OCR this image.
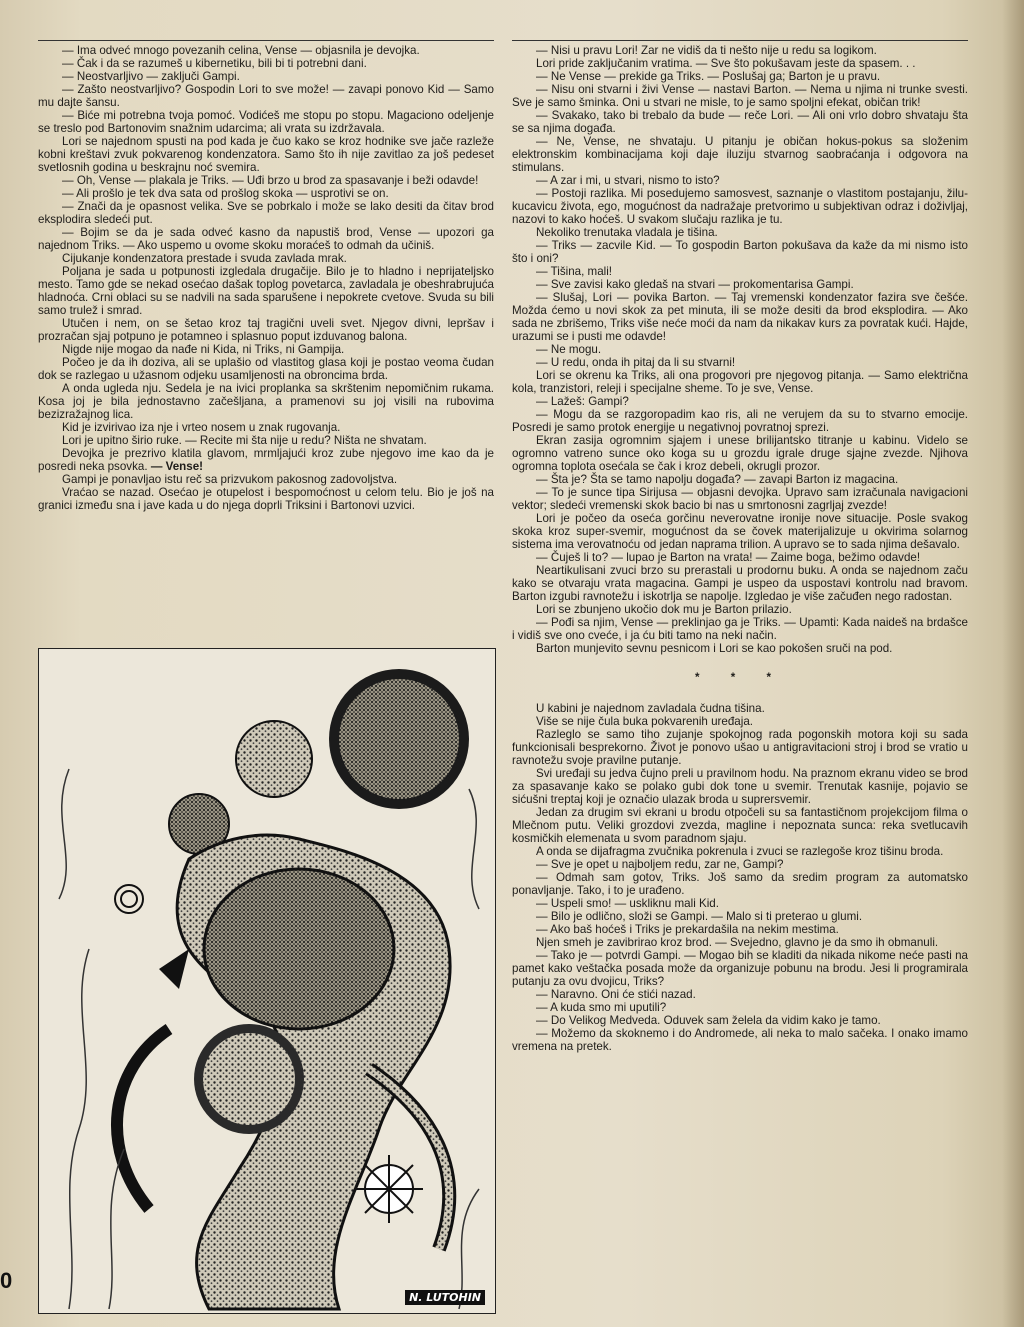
— Ima odveć mnogo povezanih celina, Vense — objasnila je devojka.

— Čak i da se razumeš u kibernetiku, bili bi ti potrebni dani.

— Neostvarljivo — zaključi Gampi.

— Zašto neostvarljivo? Gospodin Lori to sve može! — zavapi ponovo Kid — Samo mu dajte šansu.

— Biće mi potrebna tvoja pomoć. Vodićeš me stopu po stopu. Magaciono odeljenje se treslo pod Bartonovim snažnim udarcima; ali vrata su izdržavala.

Lori se najednom spusti na pod kada je čuo kako se kroz hodnike sve jače razleže kobni kreštavi zvuk pokvarenog kondenzatora. Samo što ih nije zavitlao za još pedeset svetlosnih godina u beskrajnu noć svemira.

— Oh, Vense — plakala je Triks. — Uđi brzo u brod za spasavanje i beži odavde!

— Ali prošlo je tek dva sata od prošlog skoka — usprotivi se on.

— Znači da je opasnost velika. Sve se pobrkalo i može se lako desiti da čitav brod eksplodira sledeći put.

— Bojim se da je sada odveć kasno da napustiš brod, Vense — upozori ga najednom Triks. — Ako uspemo u ovome skoku moraćeš to odmah da učiniš.

Cijukanje kondenzatora prestade i svuda zavlada mrak.

Poljana je sada u potpunosti izgledala drugačije. Bilo je to hladno i neprijateljsko mesto. Tamo gde se nekad osećao dašak toplog povetarca, zavladala je obeshrabrujuća hladnoća. Crni oblaci su se nadvili na sada sparušene i nepokrete cvetove. Svuda su bili samo trulež i smrad.

Utučen i nem, on se šetao kroz taj tragični uveli svet. Njegov divni, lepršav i prozračan sjaj potpuno je potamneo i splasnuo poput izduvanog balona.

Nigde nije mogao da nađe ni Kida, ni Triks, ni Gampija.

Počeo je da ih doziva, ali se uplašio od vlastitog glasa koji je postao veoma čudan dok se razlegao u užasnom odjeku usamljenosti na obroncima brda.

A onda ugleda nju. Sedela je na ivici proplanka sa skrštenim nepomičnim rukama. Kosa joj je bila jednostavno začešljana, a pramenovi su joj visili na rubovima bezizražajnog lica.

Kid je izvirivao iza nje i vrteo nosem u znak rugovanja.

Lori je upitno širio ruke. — Recite mi šta nije u redu? Ništa ne shvatam.

Devojka je prezrivo klatila glavom, mrmljajući kroz zube njegovo ime kao da je posredi neka psovka. — Vense!

Gampi je ponavljao istu reč sa prizvukom pakosnog zadovoljstva.

Vraćao se nazad. Osećao je otupelost i bespomoćnost u celom telu. Bio je još na granici između sna i jave kada u do njega doprli Triksini i Bartonovi uzvici.

— Nisi u pravu Lori! Zar ne vidiš da ti nešto nije u redu sa logikom.

Lori pride zaključanim vratima. — Sve što pokušavam jeste da spasem. . .

— Ne Vense — prekide ga Triks. — Poslušaj ga; Barton je u pravu.

— Nisu oni stvarni i živi Vense — nastavi Barton. — Nema u njima ni trunke svesti. Sve je samo šminka. Oni u stvari ne misle, to je samo spoljni efekat, običan trik!

— Svakako, tako bi trebalo da bude — reče Lori. — Ali oni vrlo dobro shvataju šta se sa njima događa.

— Ne, Vense, ne shvataju. U pitanju je običan hokus-pokus sa složenim elektronskim kombinacijama koji daje iluziju stvarnog saobraćanja i odgovora na stimulans.

— A zar i mi, u stvari, nismo to isto?

— Postoji razlika. Mi posedujemo samosvest, saznanje o vlastitom postajanju, žilu-kucavicu života, ego, mogućnost da nadražaje pretvorimo u subjektivan odraz i doživljaj, nazovi to kako hoćeš. U svakom slučaju razlika je tu.

Nekoliko trenutaka vladala je tišina.

— Triks — zacvile Kid. — To gospodin Barton pokušava da kaže da mi nismo isto što i oni?

— Tišina, mali!

— Sve zavisi kako gledaš na stvari — prokomentarisa Gampi.

— Slušaj, Lori — povika Barton. — Taj vremenski kondenzator fazira sve češće. Možda ćemo u novi skok za pet minuta, ili se može desiti da brod eksplodira. — Ako sada ne zbrišemo, Triks više neće moći da nam da nikakav kurs za povratak kući. Hajde, urazumi se i pusti me odavde!

— Ne mogu.

— U redu, onda ih pitaj da li su stvarni!

Lori se okrenu ka Triks, ali ona progovori pre njegovog pitanja. — Samo električna kola, tranzistori, releji i specijalne sheme. To je sve, Vense.

— Lažeš: Gampi?

— Mogu da se razgoropadim kao ris, ali ne verujem da su to stvarno emocije. Posredi je samo protok energije u negativnoj povratnoj sprezi.

Ekran zasija ogromnim sjajem i unese brilijantsko titranje u kabinu. Videlo se ogromno vatreno sunce oko koga su u grozdu igrale druge sjajne zvezde. Njihova ogromna toplota osećala se čak i kroz debeli, okrugli prozor.

— Šta je? Šta se tamo napolju događa? — zavapi Barton iz magacina.

— To je sunce tipa Sirijusa — objasni devojka. Upravo sam izračunala navigacioni vektor; sledeći vremenski skok bacio bi nas u smrtonosni zagrljaj zvezde!

Lori je počeo da oseća gorčinu neverovatne ironije nove situacije. Posle svakog skoka kroz super-svemir, mogućnost da se čovek materijalizuje u okvirima solarnog sistema ima verovatnoću od jedan naprama trilion. A upravo se to sada njima dešavalo.

— Čuješ li to? — lupao je Barton na vrata! — Zaime boga, bežimo odavde!

Neartikulisani zvuci brzo su prerastali u prodornu buku. A onda se najednom začu kako se otvaraju vrata magacina. Gampi je uspeo da uspostavi kontrolu nad bravom. Barton izgubi ravnotežu i iskotrlja se napolje. Izgledao je više začuđen nego radostan.

Lori se zbunjeno ukočio dok mu je Barton prilazio.

— Pođi sa njim, Vense — preklinjao ga je Triks. — Upamti: Kada naideš na brdašce i vidiš sve ono cveće, i ja ću biti tamo na neki način.

Barton munjevito sevnu pesnicom i Lori se kao pokošen sruči na pod.

* * *

U kabini je najednom zavladala čudna tišina.

Više se nije čula buka pokvarenih uređaja.

Razleglo se samo tiho zujanje spokojnog rada pogonskih motora koji su sada funkcionisali besprekorno. Život je ponovo ušao u antigravitacioni stroj i brod se vratio u ravnotežu svoje pravilne putanje.

Svi uređaji su jedva čujno preli u pravilnom hodu. Na praznom ekranu video se brod za spasavanje kako se polako gubi dok tone u svemir. Trenutak kasnije, pojavio se sićušni treptaj koji je označio ulazak broda u suprersvemir.

Jedan za drugim svi ekrani u brodu otpočeli su sa fantastičnom projekcijom filma o Mlečnom putu. Veliki grozdovi zvezda, magline i nepoznata sunca: reka svetlucavih kosmičkih elemenata u svom paradnom sjaju.

A onda se dijafragma zvučnika pokrenula i zvuci se razlegoše kroz tišinu broda.

— Sve je opet u najboljem redu, zar ne, Gampi?

— Odmah sam gotov, Triks. Još samo da sredim program za automatsko ponavljanje. Tako, i to je urađeno.

— Uspeli smo! — uskliknu mali Kid.

— Bilo je odlično, složi se Gampi. — Malo si ti preterao u glumi.

— Ako baš hoćeš i Triks je prekardašila na nekim mestima.

Njen smeh je zavibrirao kroz brod. — Svejedno, glavno je da smo ih obmanuli.

— Tako je — potvrdi Gampi. — Mogao bih se kladiti da nikada nikome neće pasti na pamet kako veštačka posada može da organizuje pobunu na brodu. Jesi li programirala putanju za ovu dvojicu, Triks?

— Naravno. Oni će stići nazad.

— A kuda smo mi uputili?

— Do Velikog Medveda. Oduvek sam želela da vidim kako je tamo.

— Možemo da skoknemo i do Andromede, ali neka to malo sačeka. I onako imamo vremena na pretek.

N. LUTOHIN
0
